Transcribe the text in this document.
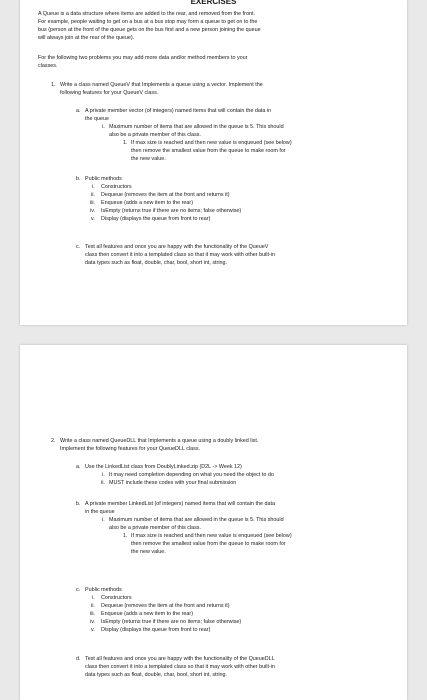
EXERCISES
A Queue is a data structure where items are added to the rear, and removed from the front.
For example, people waiting to get on a bus at a bus stop may form a queue to get on to the
bus (person at the front of the queue gets on the bus first and a new person joining the queue
will always join at the rear of the queue).
For the following two problems you may add more data and/or method members to your
classes.
1. Write a class named QueueV that Implements a queue using a vector. Implement the
following features for your QueueV class.
a. A private member vector (of integers) named items that will contain the data in
the queue
i. Maximum number of items that are allowed in the queue is 5. This should
also be a private member of this class.
1. If max size is reached and then new value is enqueued (see below)
then remove the smallest value from the queue to make room for
the new value.
b. Public methods
i. Constructors
ii. Dequeue (removes the item at the front and returns it)
iii. Enqueue (adds a new item to the rear)
iv. IsEmpty (returns true if there are no items; false otherwise)
v. Display (displays the queue from front to rear)
c. Test all features and once you are happy with the functionality of the QueueV
class then convert it into a templated class so that it may work with other built-in
data types such as float, double, char, bool, short int, string.
2. Write a class named QueueDLL that Implements a queue using a doubly linked list.
Implement the following features for your QueueDLL class.
a. Use the LinkedList class from DoublyLinked.zip (D2L -> Week 12)
i. It may need completion depending on what you need the object to do
ii. MUST include these codes with your final submission
b. A private member LinkedList (of integers) named items that will contain the data
in the queue
i. Maximum number of items that are allowed in the queue is 5. This should
also be a private member of this class.
1. If max size is reached and then new value is enqueued (see below)
then remove the smallest value from the queue to make room for
the new value.
c. Public methods
i. Constructors
ii. Dequeue (removes the item at the front and returns it)
iii. Enqueue (adds a new item to the rear)
iv. IsEmpty (returns true if there are no items; false otherwise)
v. Display (displays the queue from front to rear)
d. Test all features and once you are happy with the functionality of the QueueDLL
class then convert it into a templated class so that it may work with other built-in
data types such as float, double, char, bool, short int, string.
